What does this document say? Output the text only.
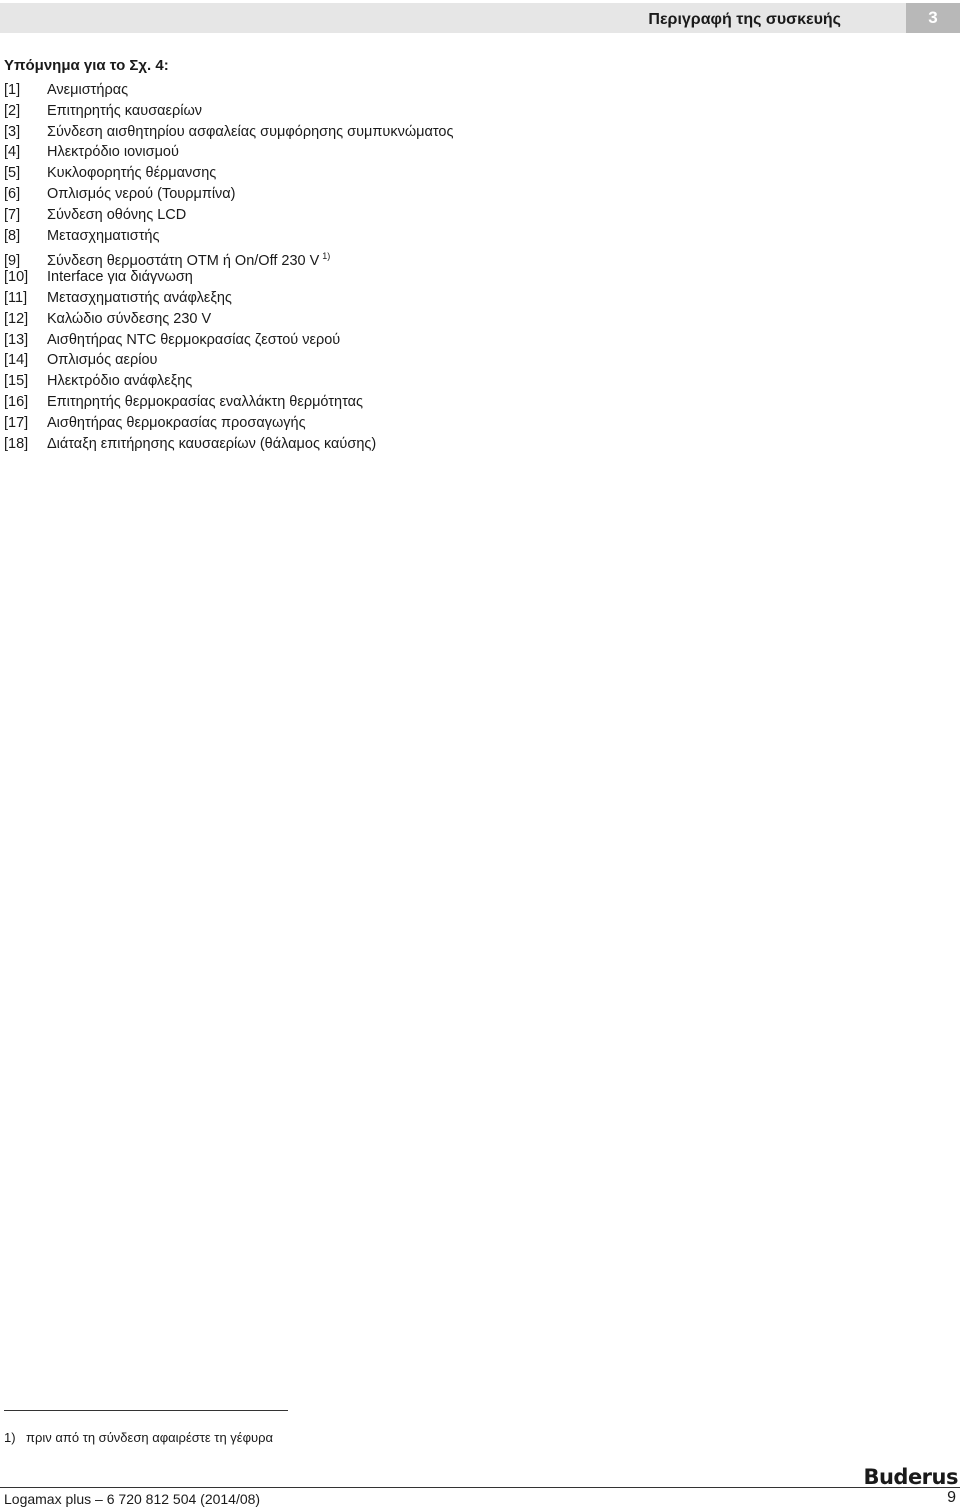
Περιγραφή της συσκευής	3
Υπόμνημα για το Σχ. 4:
[1] Ανεμιστήρας
[2] Επιτηρητής καυσαερίων
[3] Σύνδεση αισθητηρίου ασφαλείας συμφόρησης συμπυκνώματος
[4] Ηλεκτρόδιο ιονισμού
[5] Κυκλοφορητής θέρμανσης
[6] Οπλισμός νερού (Τουρμπίνα)
[7] Σύνδεση οθόνης LCD
[8] Μετασχηματιστής
[9] Σύνδεση θερμοστάτη OTM ή On/Off 230 V $^{1)}$
[10] Interface για διάγνωση
[11] Μετασχηματιστής ανάφλεξης
[12] Καλώδιο σύνδεσης 230 V
[13] Αισθητήρας NTC θερμοκρασίας ζεστού νερού
[14] Οπλισμός αερίου
[15] Ηλεκτρόδιο ανάφλεξης
[16] Επιτηρητής θερμοκρασίας εναλλάκτη θερμότητας
[17] Αισθητήρας θερμοκρασίας προσαγωγής
[18] Διάταξη επιτήρησης καυσαερίων (θάλαμος καύσης)
1) πριν από τη σύνδεση αφαιρέστε τη γέφυρα
Buderus
Logamax plus – 6 720 812 504 (2014/08)	9
